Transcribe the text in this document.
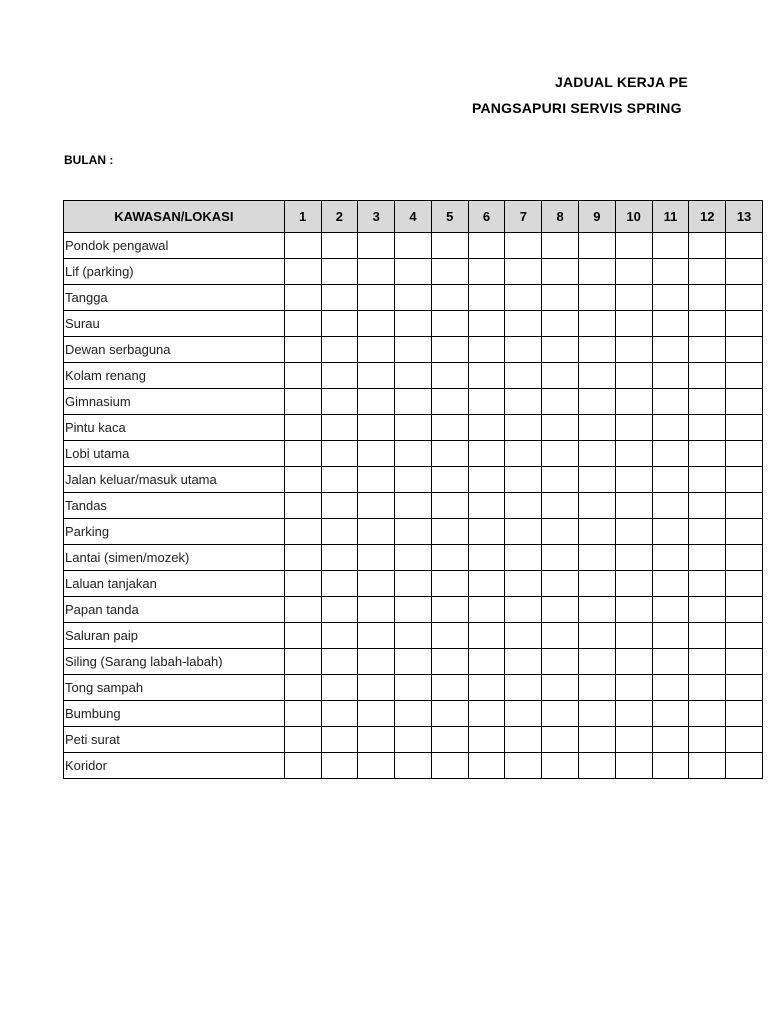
JADUAL KERJA PE
PANGSAPURI SERVIS SPRING
BULAN :
KAWASAN/LOKASI	1	2	3	4	5	6	7	8	9	10	11	12	13
Pondok pengawal													
Lif (parking)													
Tangga													
Surau													
Dewan serbaguna													
Kolam renang													
Gimnasium													
Pintu kaca													
Lobi utama													
Jalan keluar/masuk utama													
Tandas													
Parking													
Lantai (simen/mozek)													
Laluan tanjakan													
Papan tanda													
Saluran paip													
Siling (Sarang labah-labah)													
Tong sampah													
Bumbung													
Peti surat													
Koridor													
